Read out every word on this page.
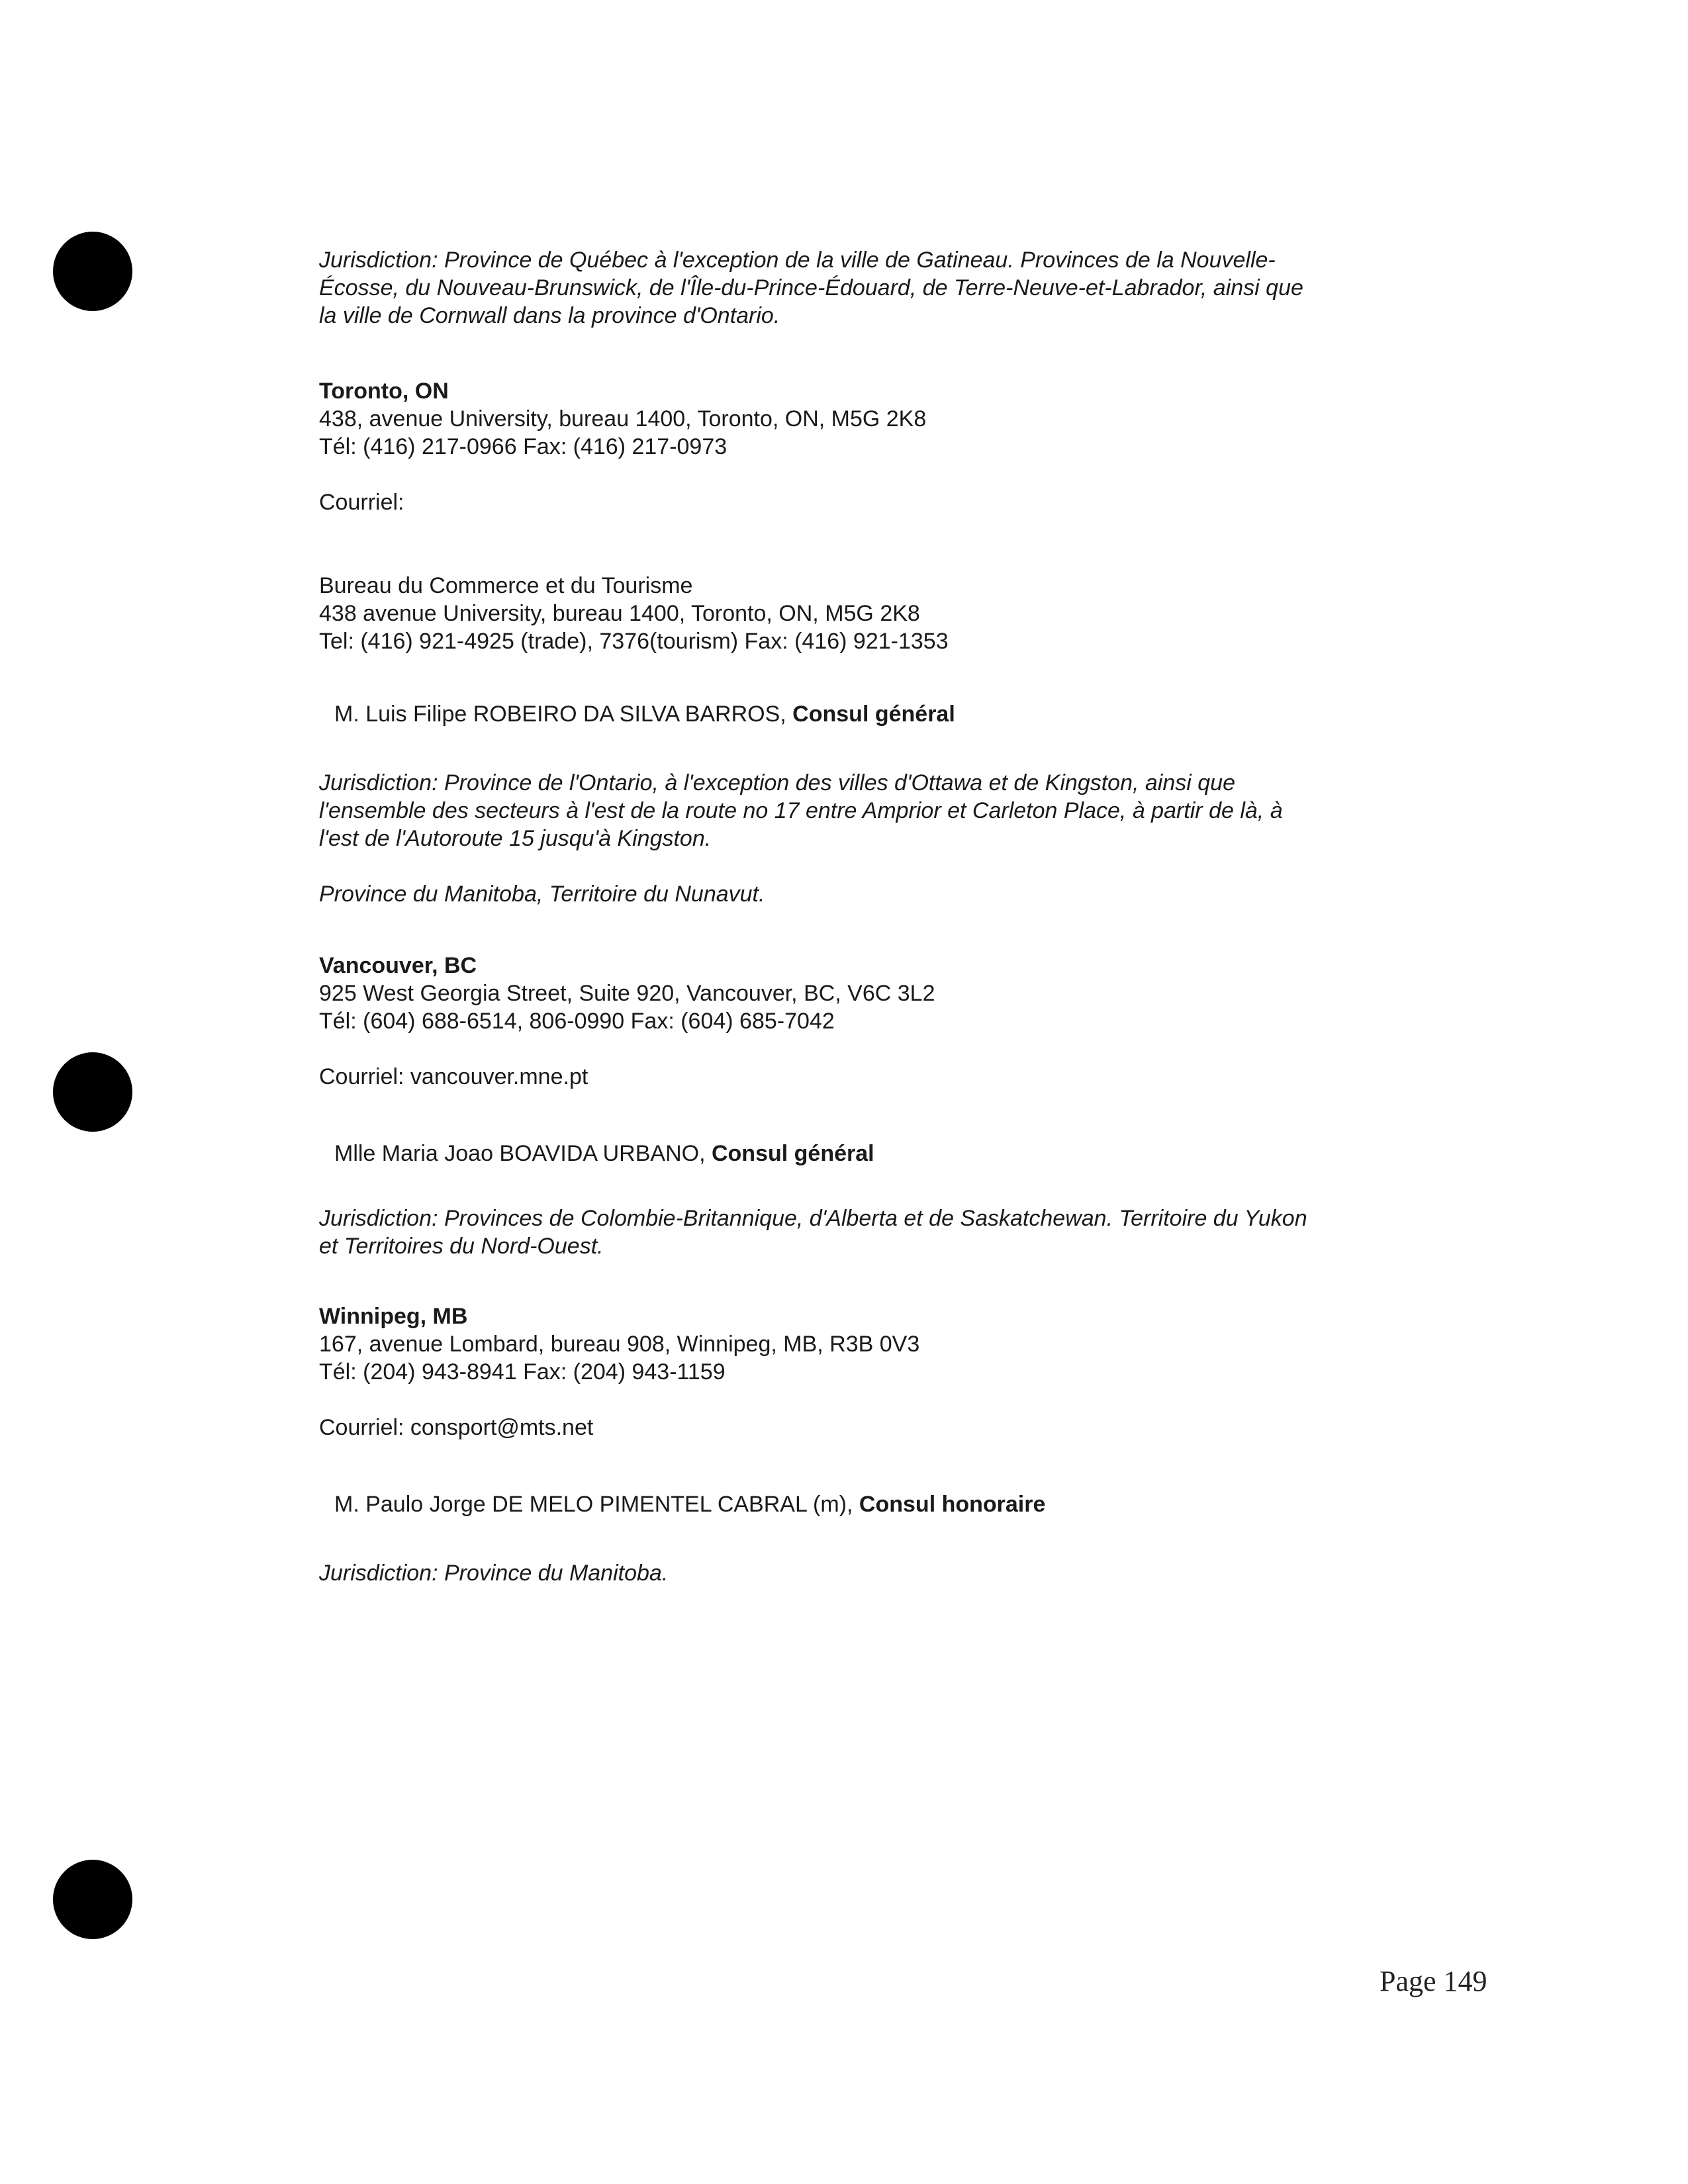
Jurisdiction: Province de Québec à l'exception de la ville de Gatineau. Provinces de la Nouvelle-
Écosse, du Nouveau-Brunswick, de l'Île-du-Prince-Édouard, de Terre-Neuve-et-Labrador, ainsi que
la ville de Cornwall dans la province d'Ontario.
Toronto, ON
438, avenue University, bureau 1400, Toronto, ON, M5G 2K8
Tél: (416) 217-0966 Fax: (416) 217-0973
Courriel:
Bureau du Commerce et du Tourisme
438 avenue University, bureau 1400, Toronto, ON, M5G 2K8
Tel: (416) 921-4925 (trade), 7376(tourism) Fax: (416) 921-1353
M. Luis Filipe ROBEIRO DA SILVA BARROS, Consul général
Jurisdiction: Province de l'Ontario, à l'exception des villes d'Ottawa et de Kingston, ainsi que
l'ensemble des secteurs à l'est de la route no 17 entre Amprior et Carleton Place, à partir de là, à
l'est de l'Autoroute 15 jusqu'à Kingston.
Province du Manitoba, Territoire du Nunavut.
Vancouver, BC
925 West Georgia Street, Suite 920, Vancouver, BC, V6C 3L2
Tél: (604) 688-6514, 806-0990 Fax: (604) 685-7042
Courriel: vancouver.mne.pt
Mlle Maria Joao BOAVIDA URBANO, Consul général
Jurisdiction: Provinces de Colombie-Britannique, d'Alberta et de Saskatchewan. Territoire du Yukon
et Territoires du Nord-Ouest.
Winnipeg, MB
167, avenue Lombard, bureau 908, Winnipeg, MB, R3B 0V3
Tél: (204) 943-8941 Fax: (204) 943-1159
Courriel: consport@mts.net
M. Paulo Jorge DE MELO PIMENTEL CABRAL (m), Consul honoraire
Jurisdiction: Province du Manitoba.
Page 149
